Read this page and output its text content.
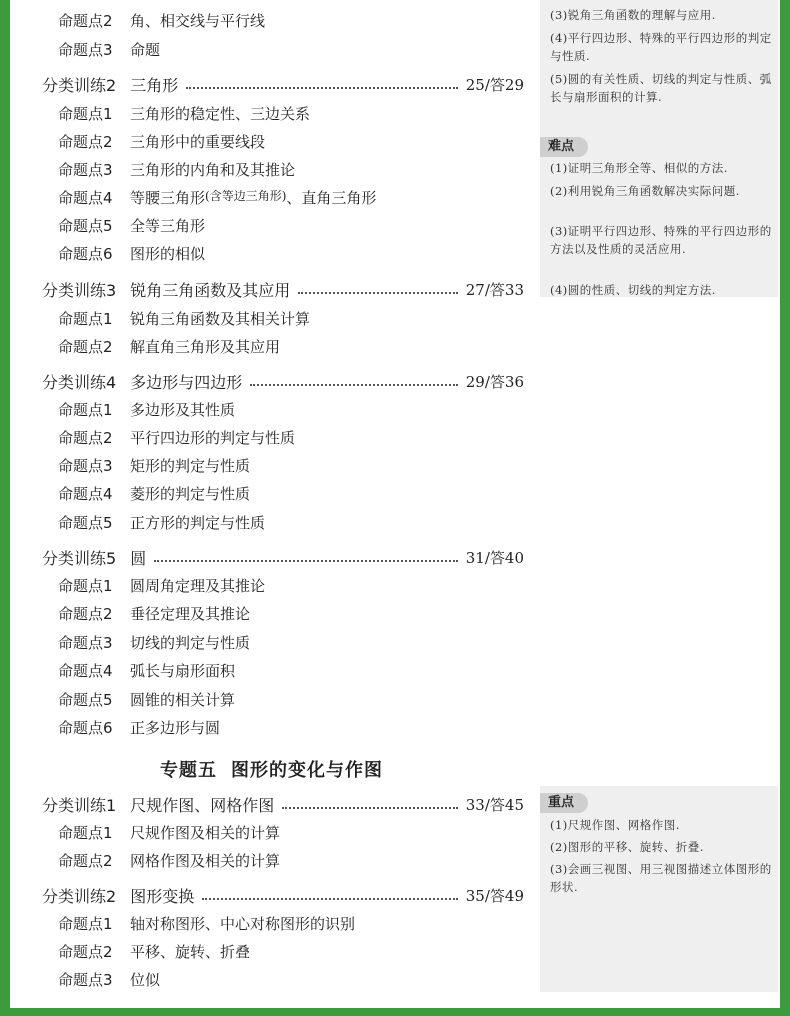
命题点2	角、相交线与平行线
命题点3	命题
分类训练2 三角形	25/答29
命题点1	三角形的稳定性、三边关系
命题点2	三角形中的重要线段
命题点3	三角形的内角和及其推论
命题点4	等腰三角形 (含等边三角形) 、直角三角形
命题点5	全等三角形
命题点6	图形的相似
分类训练3 锐角三角函数及其应用	27/答33
命题点1	锐角三角函数及其相关计算
命题点2	解直角三角形及其应用
分类训练4 多边形与四边形	29/答36
命题点1	多边形及其性质
命题点2	平行四边形的判定与性质
命题点3	矩形的判定与性质
命题点4	菱形的判定与性质
命题点5	正方形的判定与性质
分类训练5 圆	31/答40
命题点1	圆周角定理及其推论
命题点2	垂径定理及其推论
命题点3	切线的判定与性质
命题点4	弧长与扇形面积
命题点5	圆锥的相关计算
命题点6	正多边形与圆
专题五 图形的变化与作图
分类训练1 尺规作图、网格作图	33/答45
命题点1	尺规作图及相关的计算
命题点2	网格作图及相关的计算
分类训练2 图形变换	35/答49
命题点1	轴对称图形、中心对称图形的识别
命题点2	平移、旋转、折叠
命题点3	位似
(3)锐角三角函数的理解与应用.
(4)平行四边形、特殊的平行四边形的判定与性质.
(5)圆的有关性质、切线的判定与性质、弧长与扇形面积的计算.
(1)证明三角形全等、相似的方法.
(2)利用锐角三角函数解决实际问题.
(3)证明平行四边形、特殊的平行四边形的方法以及性质的灵活应用.
(4)圆的性质、切线的判定方法.
难点
(1)尺规作图、网格作图.
(2)图形的平移、旋转、折叠.
(3)会画三视图、用三视图描述立体图形的形状.
重点
